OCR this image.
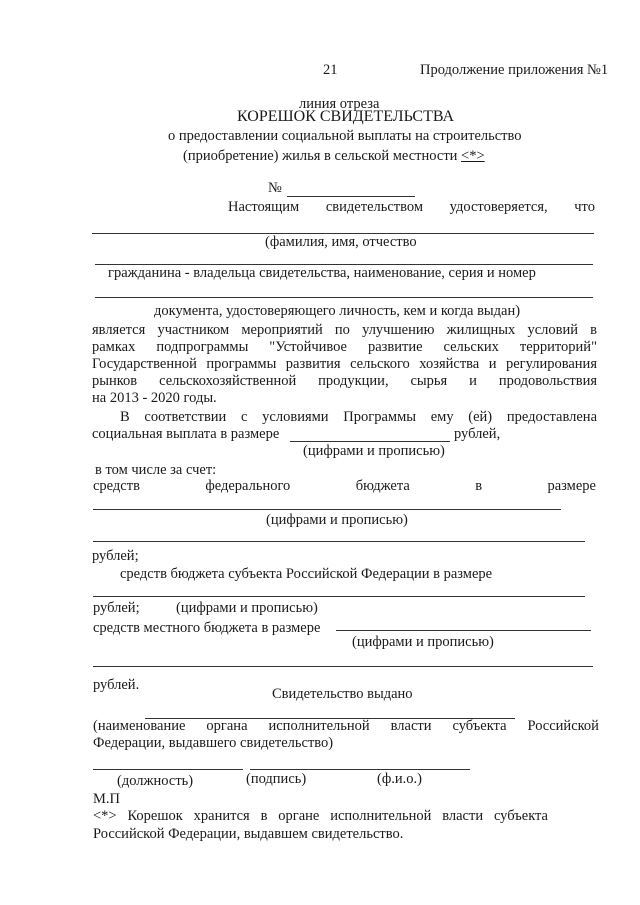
21	Продолжение приложения №1
линия отреза
КОРЕШОК СВИДЕТЕЛЬСТВА
о предоставлении социальной выплаты на строительство
(приобретение) жилья в сельской местности <*>
№
Настоящим свидетельством удостоверяется, что
(фамилия, имя, отчество
гражданина - владельца свидетельства, наименование, серия и номер
документа, удостоверяющего личность, кем и когда выдан)
является участником мероприятий по улучшению жилищных условий в
рамках подпрограммы "Устойчивое развитие сельских территорий"
Государственной программы развития сельского хозяйства и регулирования
рынков сельскохозяйственной продукции, сырья и продовольствия
на 2013 - 2020 годы.
В соответствии с условиями Программы ему (ей) предоставлена
социальная выплата в размере	рублей,
(цифрами и прописью)
в том числе за счет:
средств	федерального	бюджета	в	размере
(цифрами и прописью)
рублей;
средств бюджета субъекта Российской Федерации в размере
рублей;	(цифрами и прописью)
средств местного бюджета в размере
(цифрами и прописью)
рублей.
Свидетельство выдано
(наименование органа исполнительной власти субъекта Российской
Федерации, выдавшего свидетельство)
(должность)	(подпись)	(ф.и.о.)
М.П
<*> Корешок хранится в органе исполнительной власти субъекта
Российской Федерации, выдавшем свидетельство.
